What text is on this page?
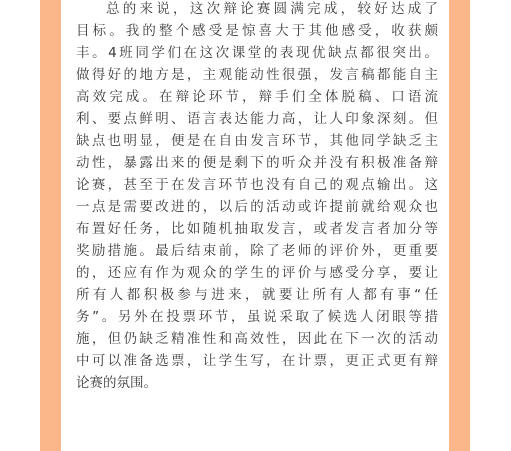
总的来说，这次辩论赛圆满完成，较好达成了
目标。我的整个感受是惊喜大于其他感受，收获颇
丰。4班同学们在这次课堂的表现优缺点都很突出。
做得好的地方是，主观能动性很强，发言稿都能自主
高效完成。在辩论环节，辩手们全体脱稿、口语流
利、要点鲜明、语言表达能力高，让人印象深刻。但
缺点也明显，便是在自由发言环节，其他同学缺乏主
动性，暴露出来的便是剩下的听众并没有积极准备辩
论赛，甚至于在发言环节也没有自己的观点输出。这
一点是需要改进的，以后的活动或许提前就给观众也
布置好任务，比如随机抽取发言，或者发言者加分等
奖励措施。最后结束前，除了老师的评价外，更重要
的，还应有作为观众的学生的评价与感受分享，要让
所有人都积极参与进来，就要让所有人都有事“任
务”。另外在投票环节，虽说采取了候选人闭眼等措
施，但仍缺乏精准性和高效性，因此在下一次的活动
中可以准备选票，让学生写，在计票，更正式更有辩
论赛的氛围。
